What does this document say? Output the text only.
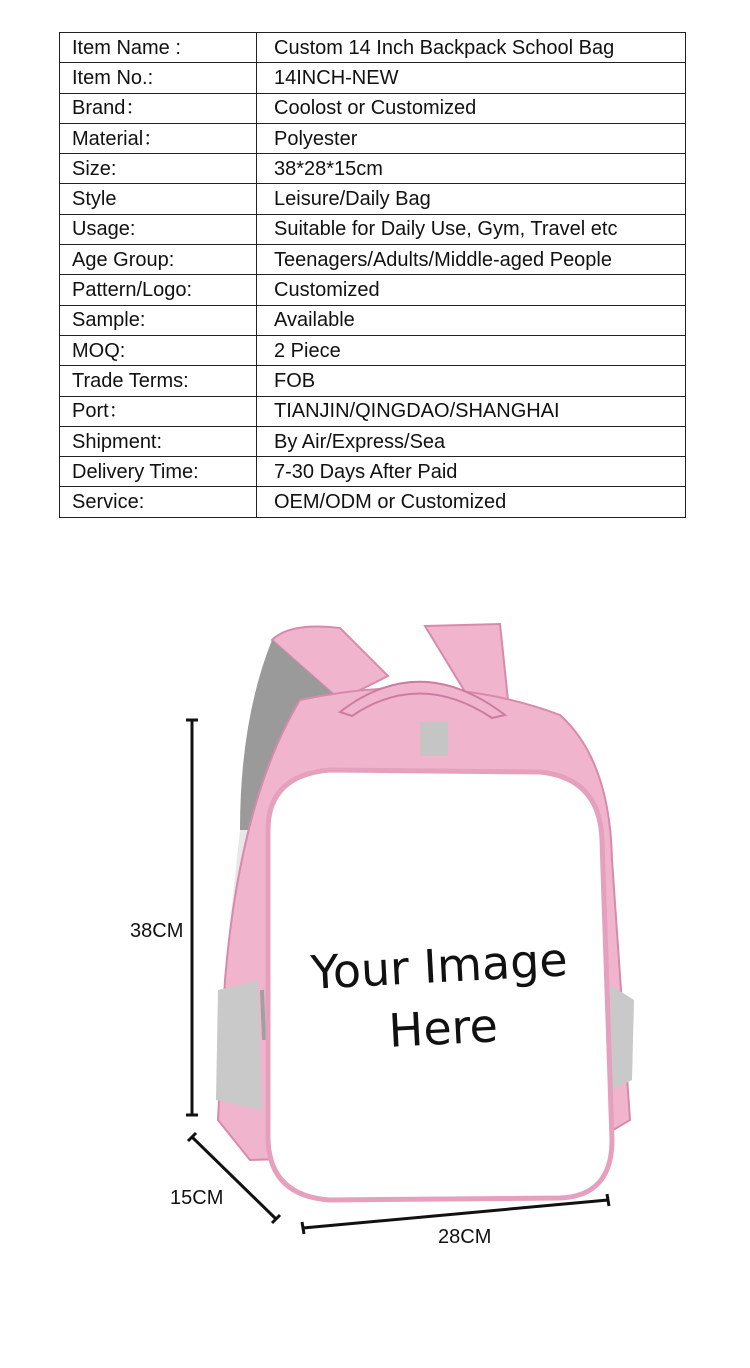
Item Name :	Custom 14 Inch Backpack School Bag
Item No.:	14INCH-NEW
Brand：	Coolost or Customized
Material：	Polyester
Size:	38*28*15cm
Style	Leisure/Daily Bag
Usage:	Suitable for Daily Use, Gym, Travel etc
Age Group:	Teenagers/Adults/Middle-aged People
Pattern/Logo:	Customized
Sample:	Available
MOQ:	2 Piece
Trade Terms:	FOB
Port：	TIANJIN/QINGDAO/SHANGHAI
Shipment:	By Air/Express/Sea
Delivery Time:	7-30 Days After Paid
Service:	OEM/ODM or Customized
Your Image
Here
38CM
15CM
28CM
